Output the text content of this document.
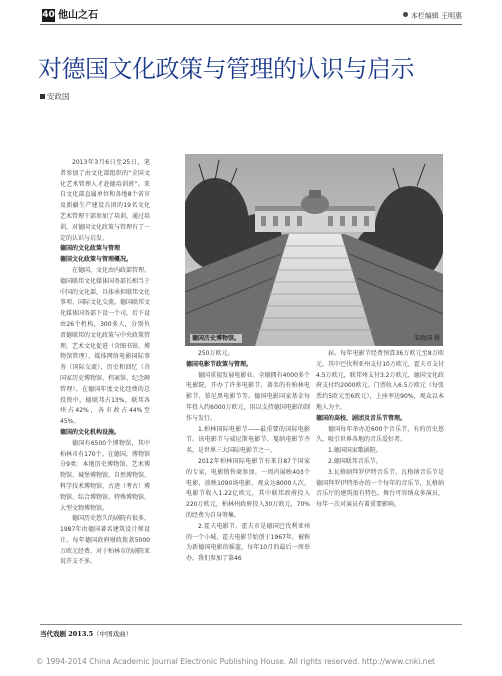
40 他山之石	本栏编辑 王明惠
对德国文化政策与管理的认识与启示
安政国

2013年3月6日至25日，笔者参加了由文化部组织的“全国文化艺术管理人才赴德培训班”。来自文化部直属单位和各地8个省市及新疆生产建设兵团的19名文化艺术管理干部参加了培训。通过培训，对德国文化政策与管理有了一定的认识与启发。

德国的文化政策与管理

德国文化政策与管理概况。

在德国，文化由内政部管理。德国联邦文化媒体国务部长相当于中国的文化部，具体承担联邦文化事项、国际文化交流。德国联邦文化媒体国务部下设一个司，后下设由26个机构，300多人，分别负责德联邦的文化政策与中央政策管理，艺术文化促进（含图书馆、博物馆管理），媒体网络电影国际事务（国际交流）、历史和回忆（含国家历史博物馆、档案馆、纪念碑管理）。在德国年度文化经费的总投资中，德联邦占13%，联邦各州占42%，各市政占44%至45%。

德国的文化机构设施。

德国有6500个博物馆，其中柏林市有170个。在德国，博物馆分9类：本地历史博物馆、艺术博物馆、城堡博物馆、自然博物馆、科学技术博物馆、古迹（考古）博物馆、综合博物馆、特殊博物馆、大型文物博物馆。

德国历史悠久的剧院有很多，1987年由德国著名建筑设计师设计。每年德国政府财政拨款5000万欧元经费，对于柏林市的剧院来说开支不多。

德国历史博物馆。	安政国 摄

250万欧元。

德国电影节政策与管理。

德国重视发展电影业。全德拥有4000多个电影院，开办了许多电影节，著名的有柏林电影节、慕尼黑电影节等。德国电影国家基金每年投入约6000万欧元，用以支持德国电影的制作与发行。

1.柏林国际电影节——最重要的国际电影节。该电影节与威尼斯电影节、戛纳电影节齐名，是世界三大国际电影节之一。

2012年柏林国际电影节有来自87个国家的专家，电影销售商参加。一周内展映403个电影，放映1090场电影，观众达8000人次。电影节收入1.22亿欧元，其中联邦政府投入220万欧元，柏林州政府投入30万欧元，70%的经费为自身筹集。

2.霍夫电影节。霍夫市是德国巴伐利亚州的一个小城，霍夫电影节始创于1967年，被称为新德国电影的摇篮，每年10月的最后一周举办。我们参加了第46

届。每年电影节经费预算36万欧元至8万欧元，其中巴伐利亚州支付10万欧元，霍夫市支付4.5万欧元，联邦州支付3.2万欧元，德国文化政府支付约2000欧元。门票收入6.5万欧元（每张票约5欧元至6欧元），上座率达90%，观众以本地人为主。

德国的高校、剧团及音乐节管理。

德国每年举办近600个音乐节，有的历史悠久，吸引世界各地的音乐爱好者。

1.德国国家歌剧院。

2.德国联邦音乐节。

3.瓦格纳拜罗伊特音乐节。瓦格纳音乐节是德国拜罗伊特举办的一个每年的音乐节，瓦格纳音乐厅的建筑很有特色，舞台可容纳众多演员，每年一次对演员有着重要影响。

当代戏剧 2013.5（中国戏曲）
© 1994-2014 China Academic Journal Electronic Publishing House. All rights reserved. http://www.cnki.net
